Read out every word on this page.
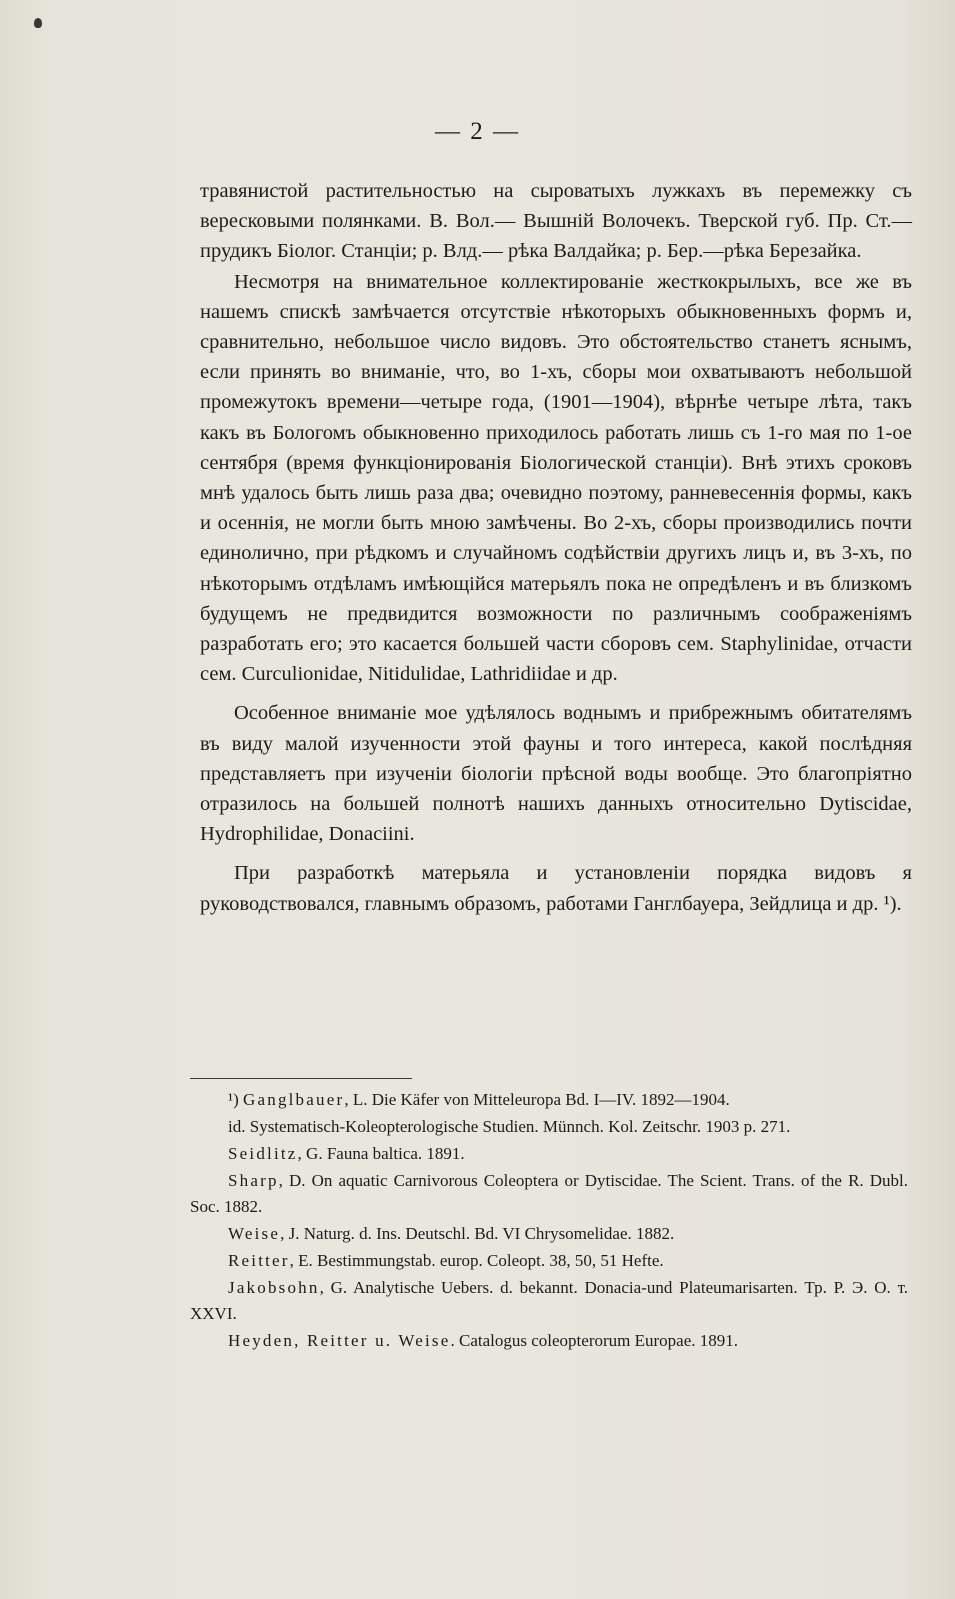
— 2 —

травянистой растительностью на сыроватыхъ лужкахъ въ перемежку съ вересковыми полянками. В. Вол.— Вышнiй Волочекъ. Тверской губ. Пр. Ст.— прудикъ Бiолог. Станцiи; р. Влд.— рѣка Валдайка; р. Бер.—рѣка Березайка.

Несмотря на внимательное коллектированiе жесткокрылыхъ, все же въ нашемъ спискѣ замѣчается отсутствiе нѣкоторыхъ обыкновенныхъ формъ и, сравнительно, небольшое число видовъ. Это обстоятельство станетъ яснымъ, если принять во вниманiе, что, во 1-хъ, сборы мои охватываютъ небольшой промежутокъ времени—четыре года, (1901—1904), вѣрнѣе четыре лѣта, такъ какъ въ Бологомъ обыкновенно приходилось работать лишь съ 1-го мая по 1-ое сентября (время функцiонированiя Бiологической станцiи). Внѣ этихъ сроковъ мнѣ удалось быть лишь раза два; очевидно поэтому, ранневесеннiя формы, какъ и осеннiя, не могли быть мною замѣчены. Во 2-хъ, сборы производились почти единолично, при рѣдкомъ и случайномъ содѣйствiи другихъ лицъ и, въ 3-хъ, по нѣкоторымъ отдѣламъ имѣющiйся матерьялъ пока не опредѣленъ и въ близкомъ будущемъ не предвидится возможности по различнымъ соображенiямъ разработать его; это касается большей части сборовъ сем. Staphylinidae, отчасти сем. Curculionidae, Nitidulidae, Lathridiidae и др.

Особенное вниманiе мое удѣлялось воднымъ и прибрежнымъ обитателямъ въ виду малой изученности этой фауны и того интереса, какой послѣдняя представляетъ при изученiи бiологiи прѣсной воды вообще. Это благопрiятно отразилось на большей полнотѣ нашихъ данныхъ относительно Dytiscidae, Hydrophilidae, Donaciini.

При разработкѣ матерьяла и установленiи порядка видовъ я руководствовался, главнымъ образомъ, работами Ганглбауера, Зейдлица и др. ¹).

¹) Ganglbauer, L. Die Käfer von Mitteleuropa Bd. I—IV. 1892—1904.

id. Systematisch-Koleopterologische Studien. Münnch. Kol. Zeitschr. 1903 p. 271.

Seidlitz, G. Fauna baltica. 1891.

Sharp, D. On aquatic Carnivorous Coleoptera or Dytiscidae. The Scient. Trans. of the R. Dubl. Soc. 1882.

Weise, J. Naturg. d. Ins. Deutschl. Bd. VI Chrysomelidae. 1882.

Reitter, E. Bestimmungstab. europ. Coleopt. 38, 50, 51 Hefte.

Jakobsohn, G. Analytische Uebers. d. bekannt. Donacia-und Plateumarisarten. Тр. Р. Э. О. т. XXVI.

Heyden, Reitter u. Weise. Catalogus coleopterorum Europae. 1891.
